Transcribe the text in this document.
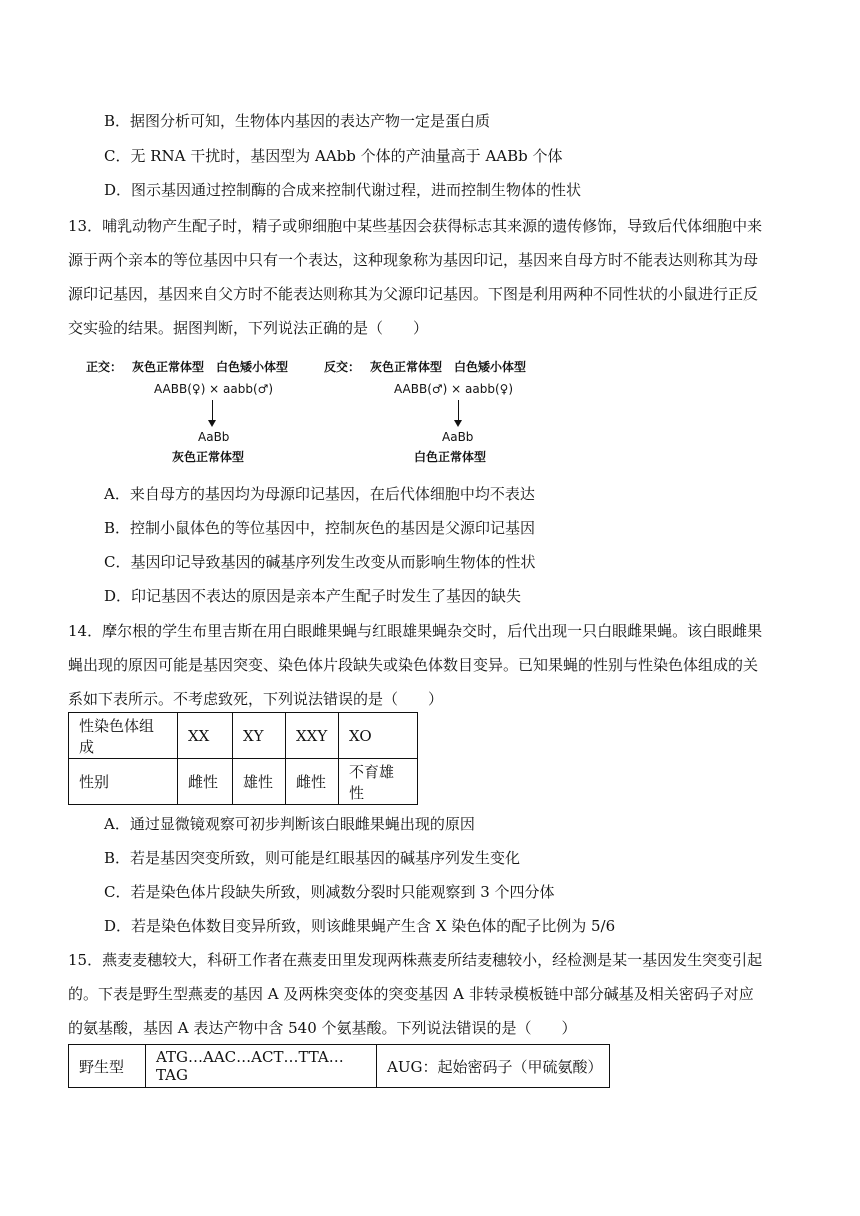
B．据图分析可知，生物体内基因的表达产物一定是蛋白质
C．无 RNA 干扰时，基因型为 AAbb 个体的产油量高于 AABb 个体
D．图示基因通过控制酶的合成来控制代谢过程，进而控制生物体的性状
13．哺乳动物产生配子时，精子或卵细胞中某些基因会获得标志其来源的遗传修饰，导致后代体细胞中来
源于两个亲本的等位基因中只有一个表达，这种现象称为基因印记，基因来自母方时不能表达则称其为母
源印记基因，基因来自父方时不能表达则称其为父源印记基因。下图是利用两种不同性状的小鼠进行正反
交实验的结果。据图判断，下列说法正确的是（　　）
正交： 灰色正常体型　白色矮小体型
AABB(♀) × aabb(♂)
AaBb
灰色正常体型
反交： 灰色正常体型　白色矮小体型
AABB(♂) × aabb(♀)
AaBb
白色正常体型
A．来自母方的基因均为母源印记基因，在后代体细胞中均不表达
B．控制小鼠体色的等位基因中，控制灰色的基因是父源印记基因
C．基因印记导致基因的碱基序列发生改变从而影响生物体的性状
D．印记基因不表达的原因是亲本产生配子时发生了基因的缺失
14．摩尔根的学生布里吉斯在用白眼雌果蝇与红眼雄果蝇杂交时，后代出现一只白眼雌果蝇。该白眼雌果
蝇出现的原因可能是基因突变、染色体片段缺失或染色体数目变异。已知果蝇的性别与性染色体组成的关
系如下表所示。不考虑致死，下列说法错误的是（　　）
性染色体组成	XX	XY	XXY	XO
性别	雌性	雄性	雌性	不育雄性
A．通过显微镜观察可初步判断该白眼雌果蝇出现的原因
B．若是基因突变所致，则可能是红眼基因的碱基序列发生变化
C．若是染色体片段缺失所致，则减数分裂时只能观察到 3 个四分体
D．若是染色体数目变异所致，则该雌果蝇产生含 X 染色体的配子比例为 5/6
15．燕麦麦穗较大，科研工作者在燕麦田里发现两株燕麦所结麦穗较小，经检测是某一基因发生突变引起
的。下表是野生型燕麦的基因 A 及两株突变体的突变基因 A 非转录模板链中部分碱基及相关密码子对应
的氨基酸，基因 A 表达产物中含 540 个氨基酸。下列说法错误的是（　　）
野生型	ATG…AAC…ACT…TTA…TAG	AUG：起始密码子（甲硫氨酸）
